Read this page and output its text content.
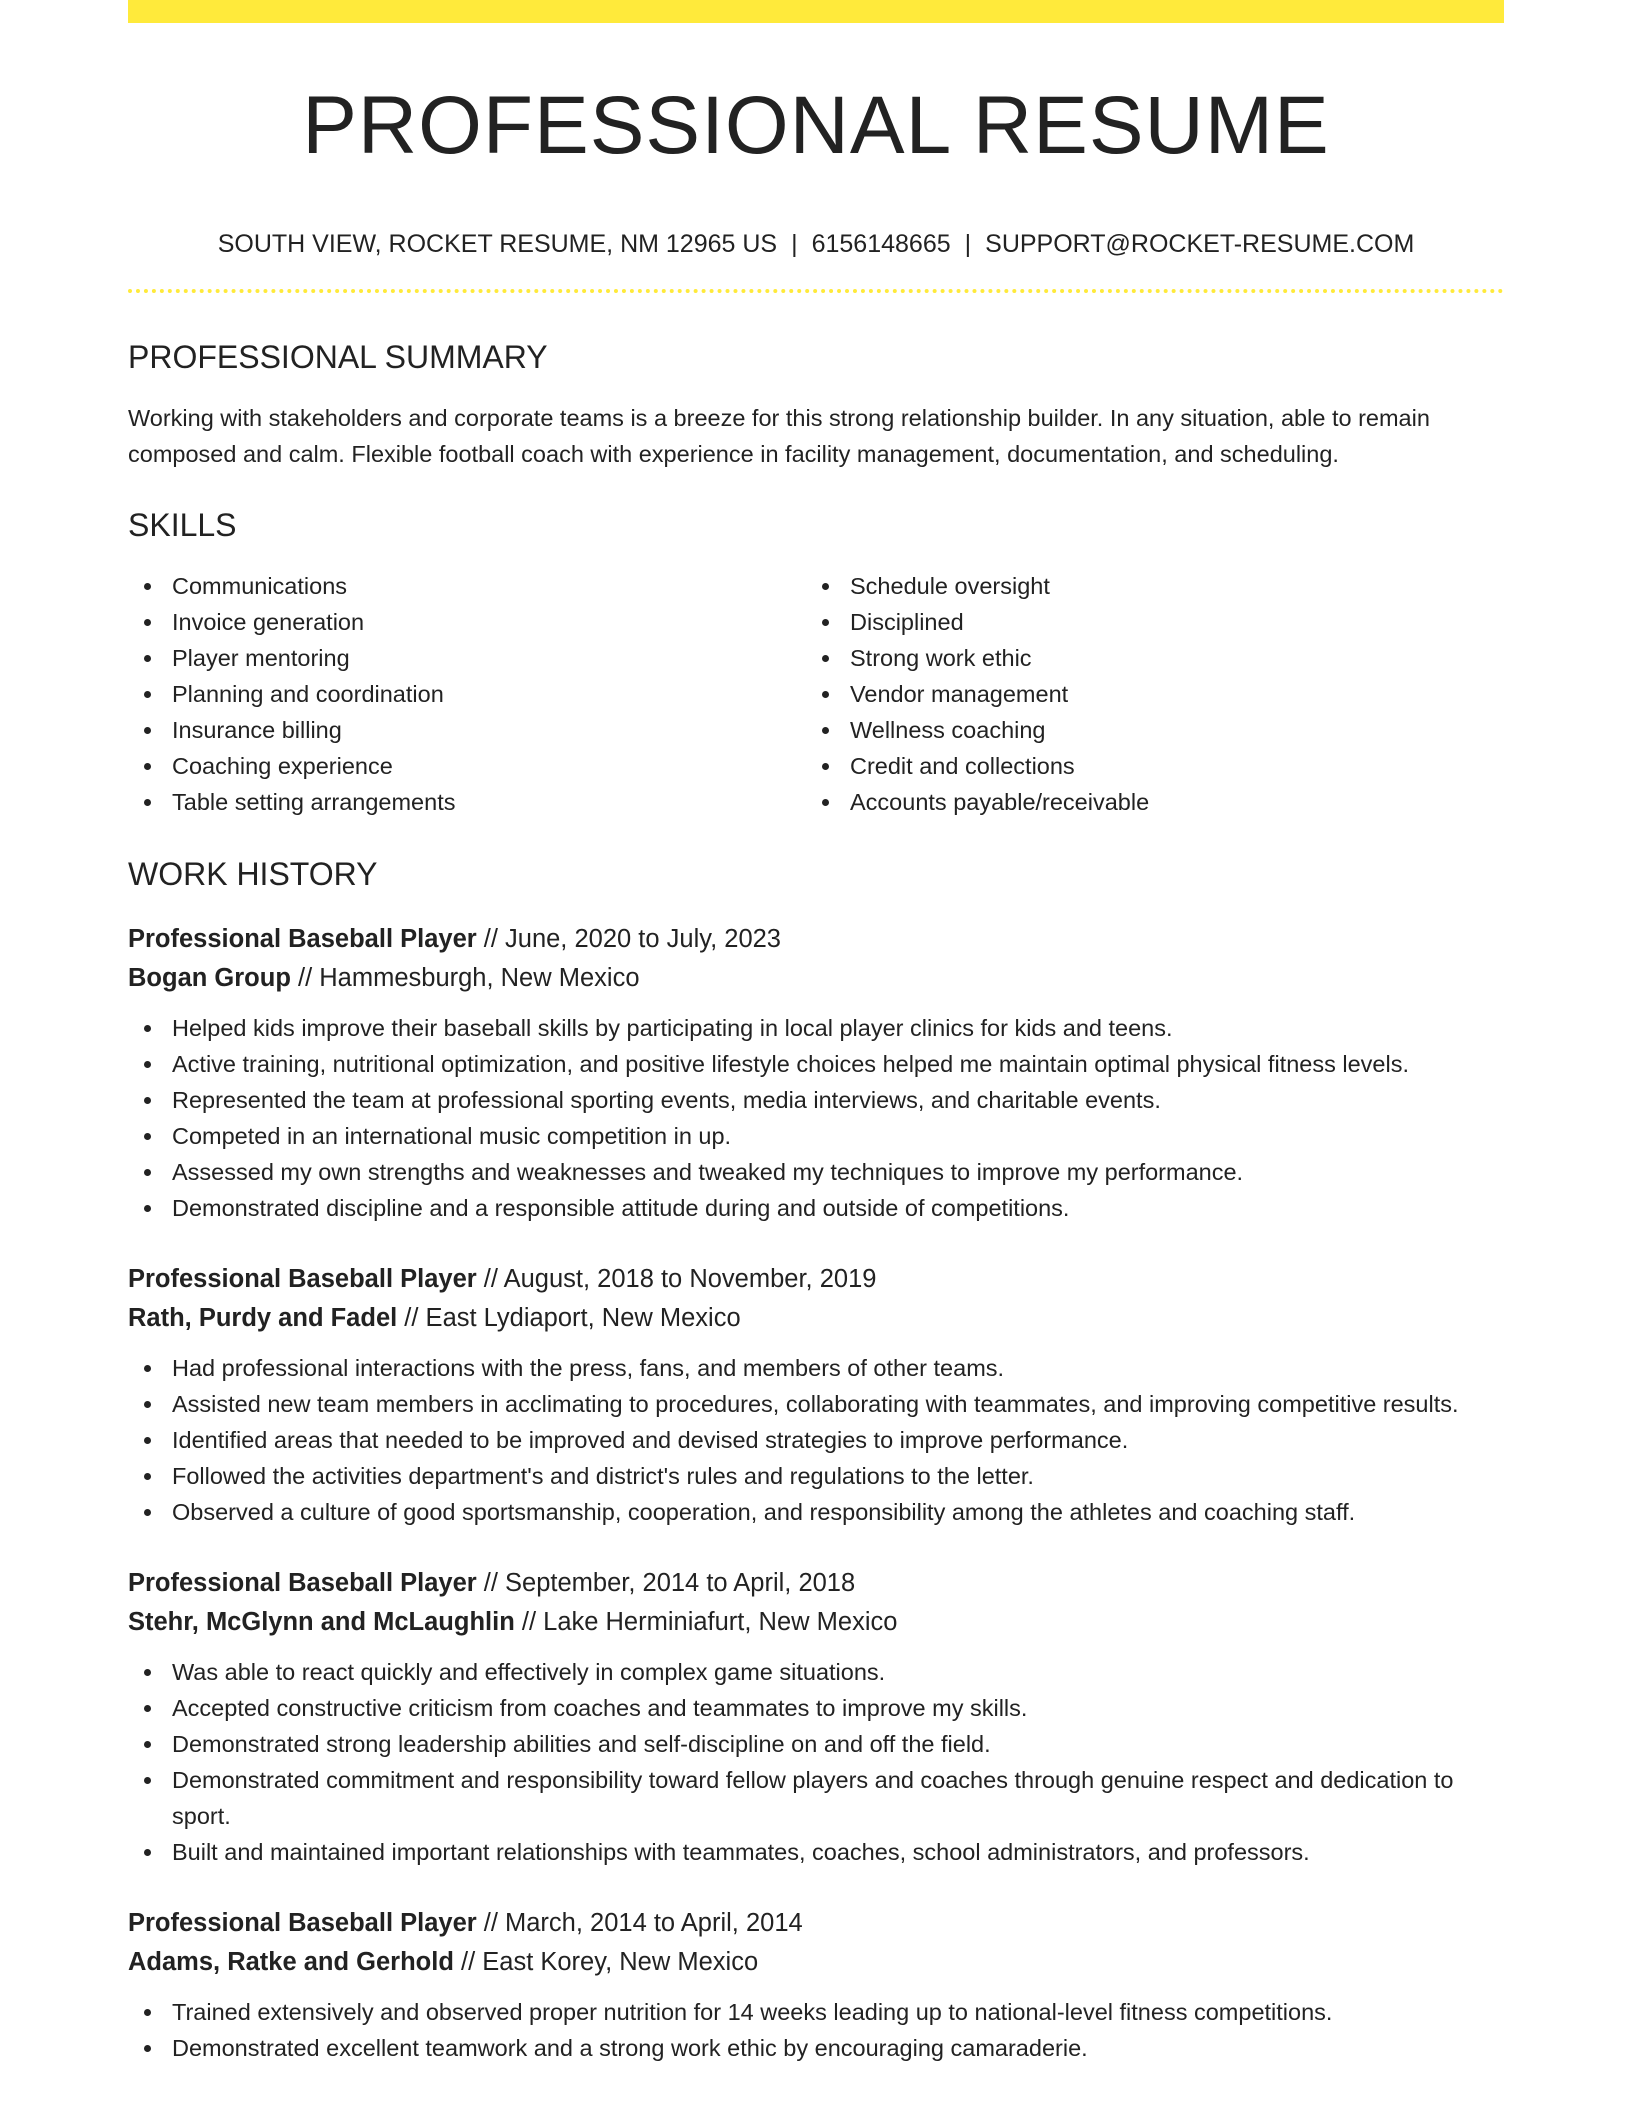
PROFESSIONAL RESUME
SOUTH VIEW, ROCKET RESUME, NM 12965 US | 6156148665 | SUPPORT@ROCKET-RESUME.COM
PROFESSIONAL SUMMARY

Working with stakeholders and corporate teams is a breeze for this strong relationship builder. In any situation, able to remain composed and calm. Flexible football coach with experience in facility management, documentation, and scheduling.

SKILLS
Communications
Invoice generation
Player mentoring
Planning and coordination
Insurance billing
Coaching experience
Table setting arrangements
Schedule oversight
Disciplined
Strong work ethic
Vendor management
Wellness coaching
Credit and collections
Accounts payable/receivable
WORK HISTORY
Professional Baseball Player // June, 2020 to July, 2023
Bogan Group // Hammesburgh, New Mexico
Helped kids improve their baseball skills by participating in local player clinics for kids and teens.
Active training, nutritional optimization, and positive lifestyle choices helped me maintain optimal physical fitness levels.
Represented the team at professional sporting events, media interviews, and charitable events.
Competed in an international music competition in up.
Assessed my own strengths and weaknesses and tweaked my techniques to improve my performance.
Demonstrated discipline and a responsible attitude during and outside of competitions.
Professional Baseball Player // August, 2018 to November, 2019
Rath, Purdy and Fadel // East Lydiaport, New Mexico
Had professional interactions with the press, fans, and members of other teams.
Assisted new team members in acclimating to procedures, collaborating with teammates, and improving competitive results.
Identified areas that needed to be improved and devised strategies to improve performance.
Followed the activities department's and district's rules and regulations to the letter.
Observed a culture of good sportsmanship, cooperation, and responsibility among the athletes and coaching staff.
Professional Baseball Player // September, 2014 to April, 2018
Stehr, McGlynn and McLaughlin // Lake Herminiafurt, New Mexico
Was able to react quickly and effectively in complex game situations.
Accepted constructive criticism from coaches and teammates to improve my skills.
Demonstrated strong leadership abilities and self-discipline on and off the field.
Demonstrated commitment and responsibility toward fellow players and coaches through genuine respect and dedication to sport.
Built and maintained important relationships with teammates, coaches, school administrators, and professors.
Professional Baseball Player // March, 2014 to April, 2014
Adams, Ratke and Gerhold // East Korey, New Mexico
Trained extensively and observed proper nutrition for 14 weeks leading up to national-level fitness competitions.
Demonstrated excellent teamwork and a strong work ethic by encouraging camaraderie.
